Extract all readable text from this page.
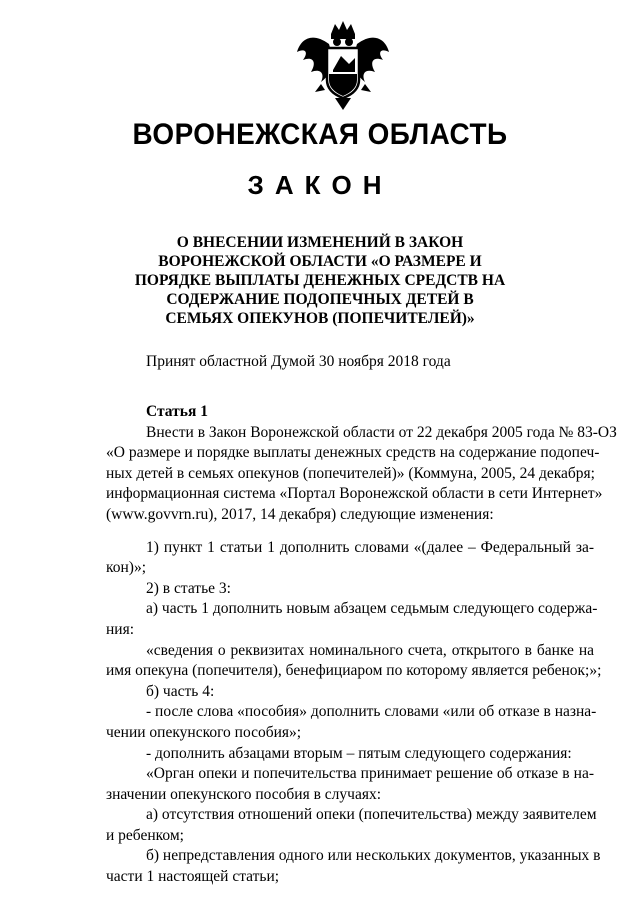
ВОРОНЕЖСКАЯ ОБЛАСТЬ
ЗАКОН
О ВНЕСЕНИИ ИЗМЕНЕНИЙ В ЗАКОН
ВОРОНЕЖСКОЙ ОБЛАСТИ «О РАЗМЕРЕ И
ПОРЯДКЕ ВЫПЛАТЫ ДЕНЕЖНЫХ СРЕДСТВ НА
СОДЕРЖАНИЕ ПОДОПЕЧНЫХ ДЕТЕЙ В
СЕМЬЯХ ОПЕКУНОВ (ПОПЕЧИТЕЛЕЙ)»
Принят областной Думой 30 ноября 2018 года
Статья 1
Внести в Закон Воронежской области от 22 декабря 2005 года № 83-ОЗ
«О размере и порядке выплаты денежных средств на содержание подопеч-
ных детей в семьях опекунов (попечителей)» (Коммуна, 2005, 24 декабря;
информационная система «Портал Воронежской области в сети Интернет»
(www.govvrn.ru), 2017, 14 декабря) следующие изменения:
1) пункт 1 статьи 1 дополнить словами «(далее – Федеральный за-
кон)»;
2) в статье 3:
а) часть 1 дополнить новым абзацем седьмым следующего содержа-
ния:
«сведения о реквизитах номинального счета, открытого в банке на
имя опекуна (попечителя), бенефициаром по которому является ребенок;»;
б) часть 4:
- после слова «пособия» дополнить словами «или об отказе в назна-
чении опекунского пособия»;
- дополнить абзацами вторым – пятым следующего содержания:
«Орган опеки и попечительства принимает решение об отказе в на-
значении опекунского пособия в случаях:
а) отсутствия отношений опеки (попечительства) между заявителем
и ребенком;
б) непредставления одного или нескольких документов, указанных в
части 1 настоящей статьи;
